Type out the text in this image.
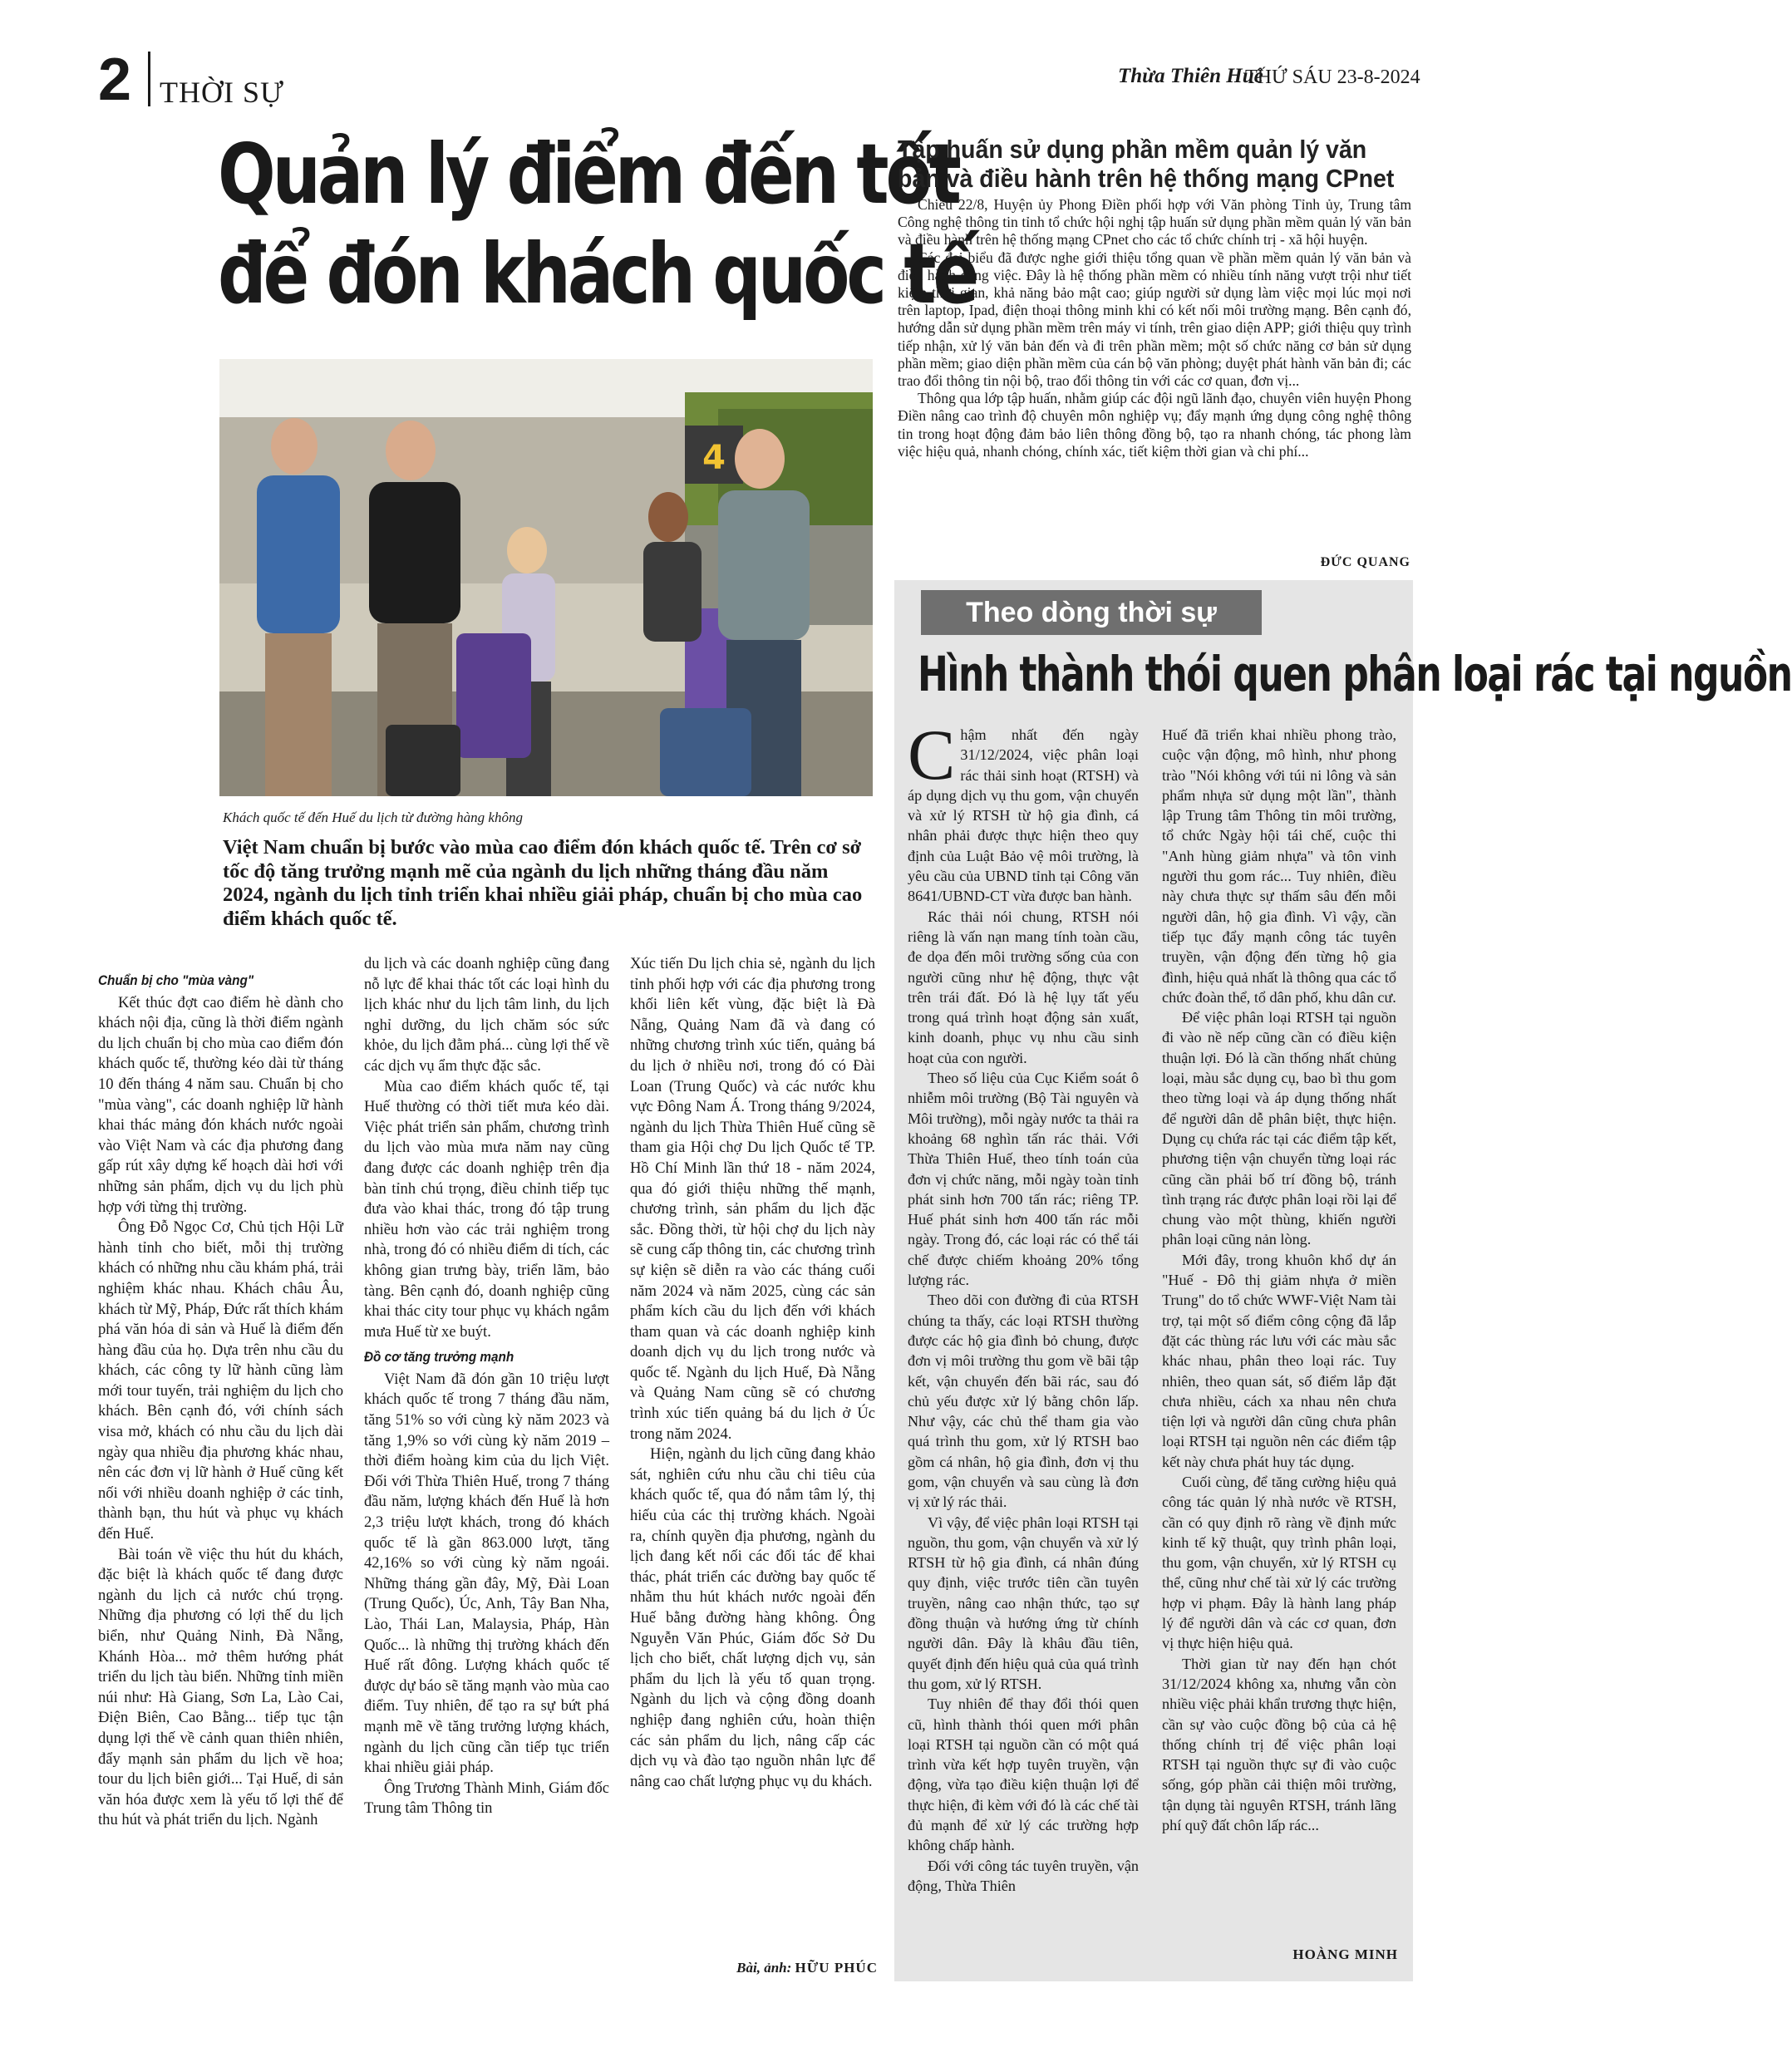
2 THỜI SỰ	Thừa Thiên Huế
THỨ SÁU 23-8-2024
Quản lý điểm đến tốt
để đón khách quốc tế
4
Khách quốc tế đến Huế du lịch từ đường hàng không
Việt Nam chuẩn bị bước vào mùa cao điểm đón khách quốc tế. Trên cơ sở tốc độ tăng trưởng mạnh mẽ của ngành du lịch những tháng đầu năm 2024, ngành du lịch tỉnh triển khai nhiều giải pháp, chuẩn bị cho mùa cao điểm khách quốc tế.
Chuẩn bị cho "mùa vàng"

Kết thúc đợt cao điểm hè dành cho khách nội địa, cũng là thời điểm ngành du lịch chuẩn bị cho mùa cao điểm đón khách quốc tế, thường kéo dài từ tháng 10 đến tháng 4 năm sau. Chuẩn bị cho "mùa vàng", các doanh nghiệp lữ hành khai thác mảng đón khách nước ngoài vào Việt Nam và các địa phương đang gấp rút xây dựng kế hoạch dài hơi với những sản phẩm, dịch vụ du lịch phù hợp với từng thị trường.

Ông Đỗ Ngọc Cơ, Chủ tịch Hội Lữ hành tỉnh cho biết, mỗi thị trường khách có những nhu cầu khám phá, trải nghiệm khác nhau. Khách châu Âu, khách từ Mỹ, Pháp, Đức rất thích khám phá văn hóa di sản và Huế là điểm đến hàng đầu của họ. Dựa trên nhu cầu du khách, các công ty lữ hành cũng làm mới tour tuyến, trải nghiệm du lịch cho khách. Bên cạnh đó, với chính sách visa mở, khách có nhu cầu du lịch dài ngày qua nhiều địa phương khác nhau, nên các đơn vị lữ hành ở Huế cũng kết nối với nhiều doanh nghiệp ở các tỉnh, thành bạn, thu hút và phục vụ khách đến Huế.

Bài toán về việc thu hút du khách, đặc biệt là khách quốc tế đang được ngành du lịch cả nước chú trọng. Những địa phương có lợi thế du lịch biển, như Quảng Ninh, Đà Nẵng, Khánh Hòa... mở thêm hướng phát triển du lịch tàu biển. Những tỉnh miền núi như: Hà Giang, Sơn La, Lào Cai, Điện Biên, Cao Bằng... tiếp tục tận dụng lợi thế về cảnh quan thiên nhiên, đẩy mạnh sản phẩm du lịch về hoa; tour du lịch biên giới... Tại Huế, di sản văn hóa được xem là yếu tố lợi thế để thu hút và phát triển du lịch. Ngành

du lịch và các doanh nghiệp cũng đang nỗ lực để khai thác tốt các loại hình du lịch khác như du lịch tâm linh, du lịch nghỉ dưỡng, du lịch chăm sóc sức khỏe, du lịch đằm phá... cùng lợi thế về các dịch vụ ẩm thực đặc sắc.

Mùa cao điểm khách quốc tế, tại Huế thường có thời tiết mưa kéo dài. Việc phát triển sản phẩm, chương trình du lịch vào mùa mưa năm nay cũng đang được các doanh nghiệp trên địa bàn tỉnh chú trọng, điều chỉnh tiếp tục đưa vào khai thác, trong đó tập trung nhiều hơn vào các trải nghiệm trong nhà, trong đó có nhiều điểm di tích, các không gian trưng bày, triển lãm, bảo tàng. Bên cạnh đó, doanh nghiệp cũng khai thác city tour phục vụ khách ngắm mưa Huế từ xe buýt.

Đồ cơ tăng trưởng mạnh

Việt Nam đã đón gần 10 triệu lượt khách quốc tế trong 7 tháng đầu năm, tăng 51% so với cùng kỳ năm 2023 và tăng 1,9% so với cùng kỳ năm 2019 – thời điểm hoàng kim của du lịch Việt. Đối với Thừa Thiên Huế, trong 7 tháng đầu năm, lượng khách đến Huế là hơn 2,3 triệu lượt khách, trong đó khách quốc tế là gần 863.000 lượt, tăng 42,16% so với cùng kỳ năm ngoái. Những tháng gần đây, Mỹ, Đài Loan (Trung Quốc), Úc, Anh, Tây Ban Nha, Lào, Thái Lan, Malaysia, Pháp, Hàn Quốc... là những thị trường khách đến Huế rất đông. Lượng khách quốc tế được dự báo sẽ tăng mạnh vào mùa cao điểm. Tuy nhiên, để tạo ra sự bứt phá mạnh mẽ về tăng trưởng lượng khách, ngành du lịch cũng cần tiếp tục triển khai nhiều giải pháp.

Ông Trương Thành Minh, Giám đốc Trung tâm Thông tin

Xúc tiến Du lịch chia sẻ, ngành du lịch tỉnh phối hợp với các địa phương trong khối liên kết vùng, đặc biệt là Đà Nẵng, Quảng Nam đã và đang có những chương trình xúc tiến, quảng bá du lịch ở nhiều nơi, trong đó có Đài Loan (Trung Quốc) và các nước khu vực Đông Nam Á. Trong tháng 9/2024, ngành du lịch Thừa Thiên Huế cũng sẽ tham gia Hội chợ Du lịch Quốc tế TP. Hồ Chí Minh lần thứ 18 - năm 2024, qua đó giới thiệu những thế mạnh, chương trình, sản phẩm du lịch đặc sắc. Đồng thời, từ hội chợ du lịch này sẽ cung cấp thông tin, các chương trình sự kiện sẽ diễn ra vào các tháng cuối năm 2024 và năm 2025, cùng các sản phẩm kích cầu du lịch đến với khách tham quan và các doanh nghiệp kinh doanh dịch vụ du lịch trong nước và quốc tế. Ngành du lịch Huế, Đà Nẵng và Quảng Nam cũng sẽ có chương trình xúc tiến quảng bá du lịch ở Úc trong năm 2024.

Hiện, ngành du lịch cũng đang khảo sát, nghiên cứu nhu cầu chi tiêu của khách quốc tế, qua đó nắm tâm lý, thị hiếu của các thị trường khách. Ngoài ra, chính quyền địa phương, ngành du lịch đang kết nối các đối tác để khai thác, phát triển các đường bay quốc tế nhằm thu hút khách nước ngoài đến Huế bằng đường hàng không. Ông Nguyễn Văn Phúc, Giám đốc Sở Du lịch cho biết, chất lượng dịch vụ, sản phẩm du lịch là yếu tố quan trọng. Ngành du lịch và cộng đồng doanh nghiệp đang nghiên cứu, hoàn thiện các sản phẩm du lịch, nâng cấp các dịch vụ và đào tạo nguồn nhân lực để nâng cao chất lượng phục vụ du khách.

Bài, ảnh: HỮU PHÚC
Tập huấn sử dụng phần mềm quản lý văn bản và điều hành trên hệ thống mạng CPnet

Chiều 22/8, Huyện ủy Phong Điền phối hợp với Văn phòng Tỉnh ủy, Trung tâm Công nghệ thông tin tỉnh tổ chức hội nghị tập huấn sử dụng phần mềm quản lý văn bản và điều hành trên hệ thống mạng CPnet cho các tổ chức chính trị - xã hội huyện.

Các đại biểu đã được nghe giới thiệu tổng quan về phần mềm quản lý văn bản và điều hành công việc. Đây là hệ thống phần mềm có nhiều tính năng vượt trội như tiết kiệm thời gian, khả năng bảo mật cao; giúp người sử dụng làm việc mọi lúc mọi nơi trên laptop, Ipad, điện thoại thông minh khi có kết nối môi trường mạng. Bên cạnh đó, hướng dẫn sử dụng phần mềm trên máy vi tính, trên giao diện APP; giới thiệu quy trình tiếp nhận, xử lý văn bản đến và đi trên phần mềm; một số chức năng cơ bản sử dụng phần mềm; giao diện phần mềm của cán bộ văn phòng; duyệt phát hành văn bản đi; các trao đổi thông tin nội bộ, trao đổi thông tin với các cơ quan, đơn vị...

Thông qua lớp tập huấn, nhằm giúp các đội ngũ lãnh đạo, chuyên viên huyện Phong Điền nâng cao trình độ chuyên môn nghiệp vụ; đẩy mạnh ứng dụng công nghệ thông tin trong hoạt động đảm bảo liên thông đồng bộ, tạo ra nhanh chóng, tác phong làm việc hiệu quả, nhanh chóng, chính xác, tiết kiệm thời gian và chi phí...

ĐỨC QUANG
Theo dòng thời sự
Hình thành thói quen phân loại rác tại nguồn

Chậm nhất đến ngày 31/12/2024, việc phân loại rác thải sinh hoạt (RTSH) và áp dụng dịch vụ thu gom, vận chuyển và xử lý RTSH từ hộ gia đình, cá nhân phải được thực hiện theo quy định của Luật Bảo vệ môi trường, là yêu cầu của UBND tỉnh tại Công văn 8641/UBND-CT vừa được ban hành.

Rác thải nói chung, RTSH nói riêng là vấn nạn mang tính toàn cầu, đe dọa đến môi trường sống của con người cũng như hệ động, thực vật trên trái đất. Đó là hệ lụy tất yếu trong quá trình hoạt động sản xuất, kinh doanh, phục vụ nhu cầu sinh hoạt của con người.

Theo số liệu của Cục Kiểm soát ô nhiễm môi trường (Bộ Tài nguyên và Môi trường), mỗi ngày nước ta thải ra khoảng 68 nghìn tấn rác thải. Với Thừa Thiên Huế, theo tính toán của đơn vị chức năng, mỗi ngày toàn tỉnh phát sinh hơn 700 tấn rác; riêng TP. Huế phát sinh hơn 400 tấn rác mỗi ngày. Trong đó, các loại rác có thể tái chế được chiếm khoảng 20% tổng lượng rác.

Theo dõi con đường đi của RTSH chúng ta thấy, các loại RTSH thường được các hộ gia đình bỏ chung, được đơn vị môi trường thu gom về bãi tập kết, vận chuyển đến bãi rác, sau đó chủ yếu được xử lý bằng chôn lấp. Như vậy, các chủ thể tham gia vào quá trình thu gom, xử lý RTSH bao gồm cá nhân, hộ gia đình, đơn vị thu gom, vận chuyển và sau cùng là đơn vị xử lý rác thải.

Vì vậy, để việc phân loại RTSH tại nguồn, thu gom, vận chuyển và xử lý RTSH từ hộ gia đình, cá nhân đúng quy định, việc trước tiên cần tuyên truyền, nâng cao nhận thức, tạo sự đồng thuận và hướng ứng từ chính người dân. Đây là khâu đầu tiên, quyết định đến hiệu quả của quá trình thu gom, xử lý RTSH.

Tuy nhiên để thay đổi thói quen cũ, hình thành thói quen mới phân loại RTSH tại nguồn cần có một quá trình vừa kết hợp tuyên truyền, vận động, vừa tạo điều kiện thuận lợi để thực hiện, đi kèm với đó là các chế tài đủ mạnh để xử lý các trường hợp không chấp hành.

Đối với công tác tuyên truyền, vận động, Thừa Thiên

Huế đã triển khai nhiều phong trào, cuộc vận động, mô hình, như phong trào "Nói không với túi ni lông và sản phẩm nhựa sử dụng một lần", thành lập Trung tâm Thông tin môi trường, tổ chức Ngày hội tái chế, cuộc thi "Anh hùng giảm nhựa" và tôn vinh người thu gom rác... Tuy nhiên, điều này chưa thực sự thấm sâu đến mỗi người dân, hộ gia đình. Vì vậy, cần tiếp tục đẩy mạnh công tác tuyên truyền, vận động đến từng hộ gia đình, hiệu quả nhất là thông qua các tổ chức đoàn thể, tổ dân phố, khu dân cư.

Để việc phân loại RTSH tại nguồn đi vào nề nếp cũng cần có điều kiện thuận lợi. Đó là cần thống nhất chủng loại, màu sắc dụng cụ, bao bì thu gom theo từng loại và áp dụng thống nhất để người dân dễ phân biệt, thực hiện. Dụng cụ chứa rác tại các điểm tập kết, phương tiện vận chuyển từng loại rác cũng cần phải bố trí đồng bộ, tránh tình trạng rác được phân loại rồi lại để chung vào một thùng, khiến người phân loại cũng nản lòng.

Mới đây, trong khuôn khổ dự án "Huế - Đô thị giảm nhựa ở miền Trung" do tổ chức WWF-Việt Nam tài trợ, tại một số điểm công cộng đã lắp đặt các thùng rác lưu với các màu sắc khác nhau, phân theo loại rác. Tuy nhiên, theo quan sát, số điểm lắp đặt chưa nhiều, cách xa nhau nên chưa tiện lợi và người dân cũng chưa phân loại RTSH tại nguồn nên các điểm tập kết này chưa phát huy tác dụng.

Cuối cùng, để tăng cường hiệu quả công tác quản lý nhà nước về RTSH, cần có quy định rõ ràng về định mức kinh tế kỹ thuật, quy trình phân loại, thu gom, vận chuyển, xử lý RTSH cụ thể, cũng như chế tài xử lý các trường hợp vi phạm. Đây là hành lang pháp lý để người dân và các cơ quan, đơn vị thực hiện hiệu quả.

Thời gian từ nay đến hạn chót 31/12/2024 không xa, nhưng vẫn còn nhiều việc phải khẩn trương thực hiện, cần sự vào cuộc đồng bộ của cả hệ thống chính trị để việc phân loại RTSH tại nguồn thực sự đi vào cuộc sống, góp phần cải thiện môi trường, tận dụng tài nguyên RTSH, tránh lãng phí quỹ đất chôn lấp rác...

HOÀNG MINH
